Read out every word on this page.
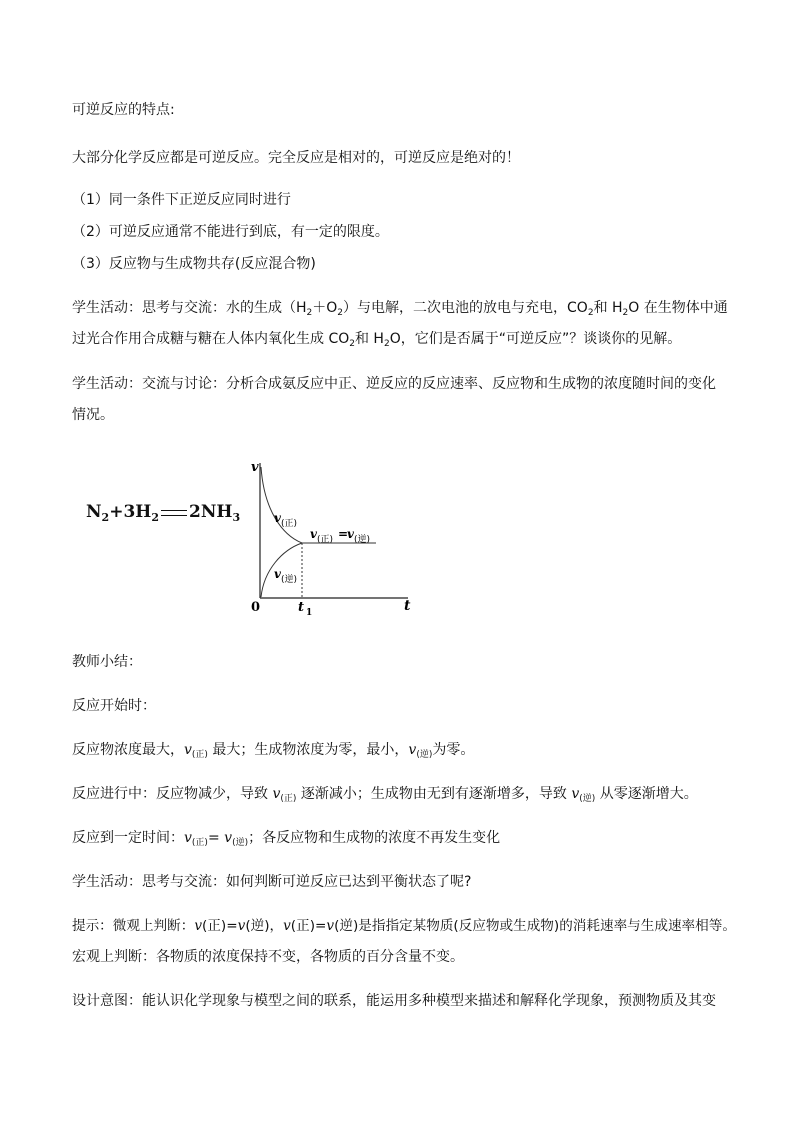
可逆反应的特点:
大部分化学反应都是可逆反应。完全反应是相对的，可逆反应是绝对的！
（1）同一条件下正逆反应同时进行
（2）可逆反应通常不能进行到底，有一定的限度。
（3）反应物与生成物共存(反应混合物)
学生活动：思考与交流：水的生成$(H_2+O_2)$与电解，二次电池的放电与充电，$CO_2$和 $H_2O$ 在生物体中通
过光合作用合成糖与糖在人体内氧化生成 $CO_2$和 $H_2O$，它们是否属于“可逆反应”？谈谈你的见解。
学生活动：交流与讨论：分析合成氨反应中正、逆反应的反应速率、反应物和生成物的浓度随时间的变化
情况。
$N_2+3H_2$ $2NH_3$
v
t
0	t 1
v (正)
v (逆)
v (正) =
v (逆)
教师小结：
反应开始时：
反应物浓度最大，$v_{(正)}$ 最大；生成物浓度为零，最小，$v_{(逆)}$为零。
反应进行中：反应物减少，导致 $v_{(正)}$ 逐渐减小；生成物由无到有逐渐增多，导致 $v_{(逆)}$ 从零逐渐增大。
反应到一定时间：$v_{(正)}= v_{(逆)}$；各反应物和生成物的浓度不再发生变化
学生活动：思考与交流：如何判断可逆反应已达到平衡状态了呢?
提示：微观上判断：v(正)=v(逆)，v(正)=v(逆)是指指定某物质(反应物或生成物)的消耗速率与生成速率相等。
宏观上判断：各物质的浓度保持不变，各物质的百分含量不变。
设计意图：能认识化学现象与模型之间的联系，能运用多种模型来描述和解释化学现象，预测物质及其变
